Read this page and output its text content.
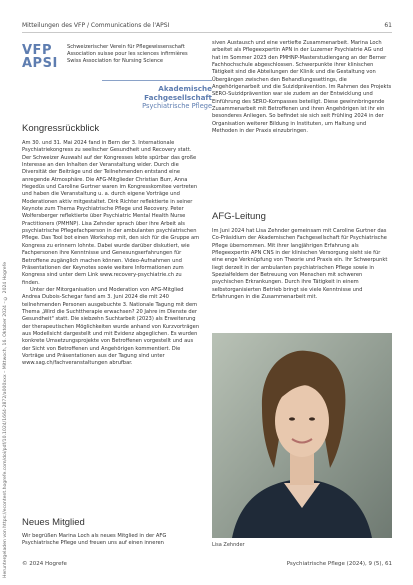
Heruntergeladen von https://econtent.hogrefe.com/doi/pdf/10.1024/1664-2872/a000xxx – Mittwoch, 16. Oktober 2024 – © 2024 Hogrefe
Mitteilungen des VFP / Communications de l'APSI	61
VFP
APSI
Schweizerischer Verein für Pflegewissenschaft
Association suisse pour les sciences infirmières
Swiss Association for Nursing Science
Akademische Fachgesellschaft
Psychiatrische Pflege
Kongressrückblick

Am 30. und 31. Mai 2024 fand in Bern der 3. Internationale Psychiatriekongress zu seelischer Gesundheit und Recovery statt. Der Schweizer Auswahl auf der Kongresses lebte spürbar das große Interesse an den Inhalten der Veranstaltung wider. Durch die Diversität der Beiträge und der Teilnehmenden entstand eine anregende Atmosphäre. Die AFG-Mitglieder Christian Burr, Anna Hegedüs und Caroline Gurtner waren im Kongresskomitee vertreten und haben die Veranstaltung u. a. durch eigene Vorträge und Moderationen aktiv mitgestaltet. Dirk Richter reflektierte in seiner Keynote zum Thema Psychiatrische Pflege und Recovery. Peter Wolfersberger reflektierte über Psychiatric Mental Health Nurse Practitioners (PMHNP). Lisa Zehnder sprach über ihre Arbeit als psychiatrische Pflegefachperson in der ambulanten psychiatrischen Pflege. Das Tool bot einen Workshop mit, den sich für die Gruppe am Kongress zu erinnern lohnte. Dabei wurde darüber diskutiert, wie Fachpersonen ihre Kenntnisse und Genesungserfahrungen für Betroffene zugänglich machen können. Video-Aufnahmen und Präsentationen der Keynotes sowie weitere Informationen zum Kongress sind unter dem Link www.recovery-psychiatrie.ch zu finden.

Unter der Mitorganisation und Moderation von AFG-Mitglied Andrea Dubois-Schegar fand am 3. Juni 2024 die mit 240 teilnehmenden Personen ausgebuchte 3. Nationale Tagung mit dem Thema „Wird die Suchttherapie erwachsen? 20 Jahre im Dienste der Gesundheit" statt. Die siebzehn Suchtarbeit (2023) als Erweiterung der therapeutischen Möglichkeiten wurde anhand von Kurzvorträgen aus Modellsicht dargestellt und mit Evidenz abgeglichen. Es wurden konkrete Umsetzungsprojekte von Betroffenen vorgestellt und aus der Sicht von Betroffenen und Angehörigen kommentiert. Die Vorträge und Präsentationen aus der Tagung sind unter www.sag.ch/fachveranstaltungen abrufbar.

Neues Mitglied
Wir begrüßen Marina Loch als neues Mitglied in der AFG Psychiatrische Pflege und freuen uns auf einen inneren
siven Austausch und eine vertiefte Zusammenarbeit. Marina Loch arbeitet als Pflegeexpertin APN in der Luzerner Psychiatrie AG und hat im Sommer 2023 den PMHNP-Masterstudiengang an der Berner Fachhochschule abgeschlossen. Schwerpunkte ihrer klinischen Tätigkeit sind die Abteilungen der Klinik und die Gestaltung von Übergängen zwischen den Behandlungssettings, die Angehörigenarbeit und die Suizidprävention. Im Rahmen des Projekts SERO-Suizidprävention war sie zudem an der Entwicklung und Einführung des SERO-Kompasses beteiligt. Diese gewinnbringende Zusammenarbeit mit Betroffenen und ihren Angehörigen ist ihr ein besonderes Anliegen. So befindet sie sich seit Frühling 2024 in der Organisation weiterer Bildung in Instituten, um Haltung und Methoden in der Praxis einzubringen.
AFG-Leitung
Im Juni 2024 hat Lisa Zehnder gemeinsam mit Caroline Gurtner das Co-Präsidium der Akademischen Fachgesellschaft für Psychiatrische Pflege übernommen. Mit ihrer langjährigen Erfahrung als Pflegeexpertin APN CNS in der klinischen Versorgung sieht sie für eine enge Verknüpfung von Theorie und Praxis ein. Ihr Schwerpunkt liegt derzeit in der ambulanten psychiatrischen Pflege sowie in Spezialfeldern der Betreuung von Menschen mit schweren psychischen Erkrankungen. Durch ihre Tätigkeit in einem selbstorganisierten Betrieb bringt sie viele Kenntnisse und Erfahrungen in die Zusammenarbeit mit.
Lisa Zehnder
© 2024 Hogrefe	Psychiatrische Pflege (2024), 9 (5), 61
